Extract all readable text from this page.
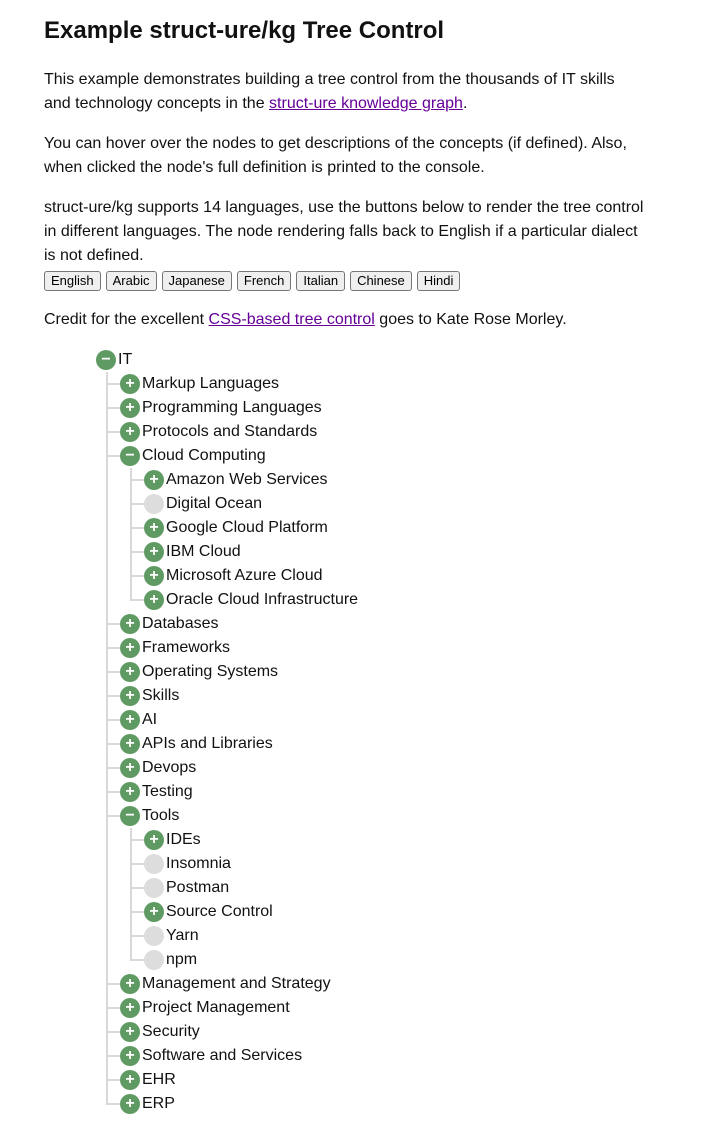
Example struct-ure/kg Tree Control

This example demonstrates building a tree control from the thousands of IT skills and technology concepts in the struct-ure knowledge graph.

You can hover over the nodes to get descriptions of the concepts (if defined). Also, when clicked the node's full definition is printed to the console.

struct-ure/kg supports 14 languages, use the buttons below to render the tree control in different languages. The node rendering falls back to English if a particular dialect is not defined.

English	Arabic	Japanese	French	Italian	Chinese	Hindi

Credit for the excellent CSS-based tree control goes to Kate Rose Morley.

− IT
+ Markup Languages
+ Programming Languages
+ Protocols and Standards
− Cloud Computing
+ Amazon Web Services
Digital Ocean
+ Google Cloud Platform
+ IBM Cloud
+ Microsoft Azure Cloud
+ Oracle Cloud Infrastructure
+ Databases
+ Frameworks
+ Operating Systems
+ Skills
+ AI
+ APIs and Libraries
+ Devops
+ Testing
− Tools
+ IDEs
Insomnia
Postman
+ Source Control
Yarn
npm
+ Management and Strategy
+ Project Management
+ Security
+ Software and Services
+ EHR
+ ERP
